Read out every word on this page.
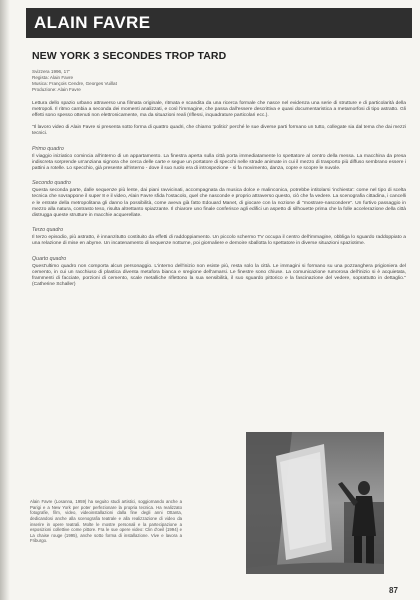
ALAIN FAVRE
NEW YORK 3 SECONDES TROP TARD
Svizzera 1996, 17'
Regista: Alain Favre
Musica: François Cendre, Georges Vuillat
Produzione: Alain Favre

Lettura dello spazio urbano attraverso una filmata originale, ritmata e scandita da una ricerca formale che nasce nel evidenza una serie di strutture e di particolarità della metropoli. Il ritmo cambia a seconda dei momenti analizzati, e così l'immagine, che passa dall'essere descrittiva e quasi documentaristica a metamorfosi di tipo astratto. Gli effetti sono spesso ottenuti non elettronicamente, ma da situazioni reali (riflessi, inquadrature particolari ecc.).

"Il lavoro video di Alain Favre si presenta sotto forma di quattro quadri, che chiamo 'politici' perché le sue diverse parti formano un tutto, collegate sia dal tema che dai mezzi tecnici.

Primo quadro

Il viaggio iniziatico comincia all'interno di un appartamento. La finestra aperta sulla città porta immediatamente lo spettatore al centro della messa. La macchina da presa indiscreta sorprende un'anziana signora che cerca delle carte e segue un portatore di specchi nelle strade animate in cui il mezzo di trasporto più diffuso sembrano essere i pattini a rotelle. Lo specchio, già presente all'interno - dove il suo ruolo era di introspezione - si fa movimento, danza, copre e scopre le nuvole.

Secondo quadro

Questa seconda parte, dalle sequenze più lente, dai piani ravvicinati, accompagnata da musica dolce e malinconica, potrebbe intitolarsi 'inchiesta': come nel tipo di scelta tecnica che sovrappone il super 8 e il video, Alain Favre sfida l'ostacolo, quel che nasconde e proprio attraverso questo, ciò che fa vedere. La scenografia cittadina, i cancelli e le entrate della metropolitana gli danno la possibilità, come aveva già fatto Edouard Manet, di giocare con la nozione di "mostrare-nascondere". Un furtivo passaggio in mezzo alla natura, contrasto teso, risulta altrettanto spiazzante. Il chiarore uno finale conferisce agli edifici un aspetto di silhouette prima che la folle accelerazione della città distrugga queste strutture in macchie acquerellate.

Terzo quadro

Il terzo episodio, più astratto, è innanzitutto costituito da effetti di raddoppiamento. Un piccolo schermo TV occupa il centro dell'immagine, obbliga lo sguardo raddoppiato a una relazione di mise en abyme. Un incatenamento di sequenze notturne, poi giornaliere e demoire sballotta lo spettatore in diverse situazioni spaziotime.

Quarto quadro

Quest'ultimo quadro non comporta alcun personaggio. L'interno dell'inizio non esiste più, resta solo la città. Le immagini si formano su una pozzanghera prigioniera del cemento, in cui un racchiuso di plastica diventa metafora bianca e sregione dell'amarsi. Le finestre sono chiuse. La comunicazione rumorosa dell'inizio si è acquietata, frammenti di facciate, porzioni di cemento, scale metalliche riflettono la sua sensibilità, il suo sguardo pittorico e la fascinazione del vedere, soprattutto in dettaglio." (Catherine Schaller)

Alain Favre (Losanna, 1959) ha seguito studi artistici, soggiornando anche a Parigi e a New York per poter perfezionare la propria tecnica. Ha realizzato fotografie, film, video, videoinstallazioni dalla fine degli anni Ottanta, dedicandosi anche alla scenografia teatrale e alla realizzazione di video da inserire in opere teatrali. Molte le mostre personali e la partecipazione a esposizioni collettive come pittore. Fra le sue opere video: Clin d'oeil (1994) e La chaise rouge (1995), anche sotto forma di installazione. Vive e lavora a Friburgo.

87
